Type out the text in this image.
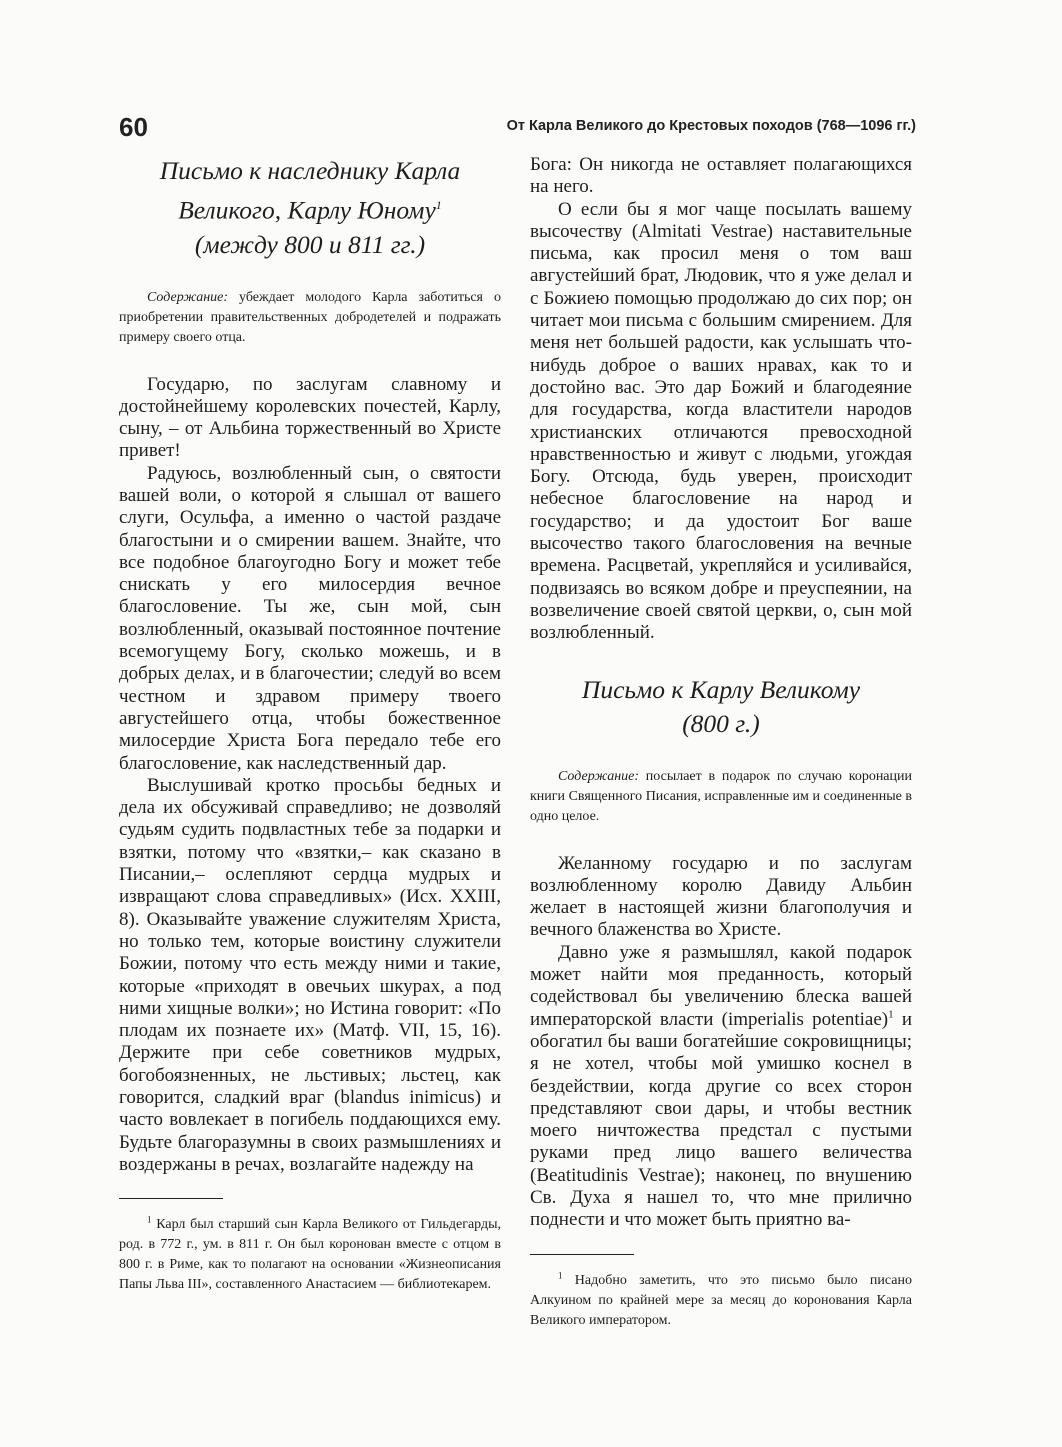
60	От Карла Великого до Крестовых походов (768—1096 гг.)
Письмо к наследнику Карла
Великого, Карлу Юному$^1$
(между 800 и 811 гг.)

Содержание: убеждает молодого Карла заботиться о приобретении правительственных добродетелей и подражать примеру своего отца.

Государю, по заслугам славному и достойнейшему королевских почестей, Карлу, сыну, – от Альбина торжественный во Христе привет!

Радуюсь, возлюбленный сын, о святости вашей воли, о которой я слышал от вашего слуги, Осульфа, а именно о частой раздаче благостыни и о смирении вашем. Знайте, что все подобное благоугодно Богу и может тебе снискать у его милосердия вечное благословение. Ты же, сын мой, сын возлюбленный, оказывай постоянное почтение всемогущему Богу, сколько можешь, и в добрых делах, и в благочестии; следуй во всем честном и здравом примеру твоего августейшего отца, чтобы божественное милосердие Христа Бога передало тебе его благословение, как наследственный дар.

Выслушивай кротко просьбы бедных и дела их обсуживай справедливо; не дозволяй судьям судить подвластных тебе за подарки и взятки, потому что «взятки,– как сказано в Писании,– ослепляют сердца мудрых и извращают слова справедливых» (Исх. XXIII, 8). Оказывайте уважение служителям Христа, но только тем, которые воистину служители Божии, потому что есть между ними и такие, которые «приходят в овечьих шкурах, а под ними хищные волки»; но Истина говорит: «По плодам их познаете их» (Матф. VII, 15, 16). Держите при себе советников мудрых, богобоязненных, не льстивых; льстец, как говорится, сладкий враг (blandus inimicus) и часто вовлекает в погибель поддающихся ему. Будьте благоразумны в своих размышлениях и воздержаны в речах, возлагайте надежду на

$^1$ Карл был старший сын Карла Великого от Гильдегарды, род. в 772 г., ум. в 811 г. Он был коронован вместе с отцом в 800 г. в Риме, как то полагают на основании «Жизнеописания Папы Льва III», составленного Анастасием — библиотекарем.

Бога: Он никогда не оставляет полагающихся на него.

О если бы я мог чаще посылать вашему высочеству (Almitati Vestrae) наставительные письма, как просил меня о том ваш августейший брат, Людовик, что я уже делал и с Божиею помощью продолжаю до сих пор; он читает мои письма с большим смирением. Для меня нет большей радости, как услышать что-нибудь доброе о ваших нравах, как то и достойно вас. Это дар Божий и благодеяние для государства, когда властители народов христианских отличаются превосходной нравственностью и живут с людьми, угождая Богу. Отсюда, будь уверен, происходит небесное благословение на народ и государство; и да удостоит Бог ваше высочество такого благословения на вечные времена. Расцветай, укрепляйся и усиливайся, подвизаясь во всяком добре и преуспеянии, на возвеличение своей святой церкви, о, сын мой возлюбленный.

Письмо к Карлу Великому
(800 г.)

Содержание: посылает в подарок по случаю коронации книги Священного Писания, исправленные им и соединенные в одно целое.

Желанному государю и по заслугам возлюбленному королю Давиду Альбин желает в настоящей жизни благополучия и вечного блаженства во Христе.

Давно уже я размышлял, какой подарок может найти моя преданность, который содействовал бы увеличению блеска вашей императорской власти (imperialis potentiae)$^1$ и обогатил бы ваши богатейшие сокровищницы; я не хотел, чтобы мой умишко коснел в бездействии, когда другие со всех сторон представляют свои дары, и чтобы вестник моего ничтожества предстал с пустыми руками пред лицо вашего величества (Beatitudinis Vestrae); наконец, по внушению Св. Духа я нашел то, что мне прилично поднести и что может быть приятно ва-

$^1$ Надобно заметить, что это письмо было писано Алкуином по крайней мере за месяц до коронования Карла Великого императором.
